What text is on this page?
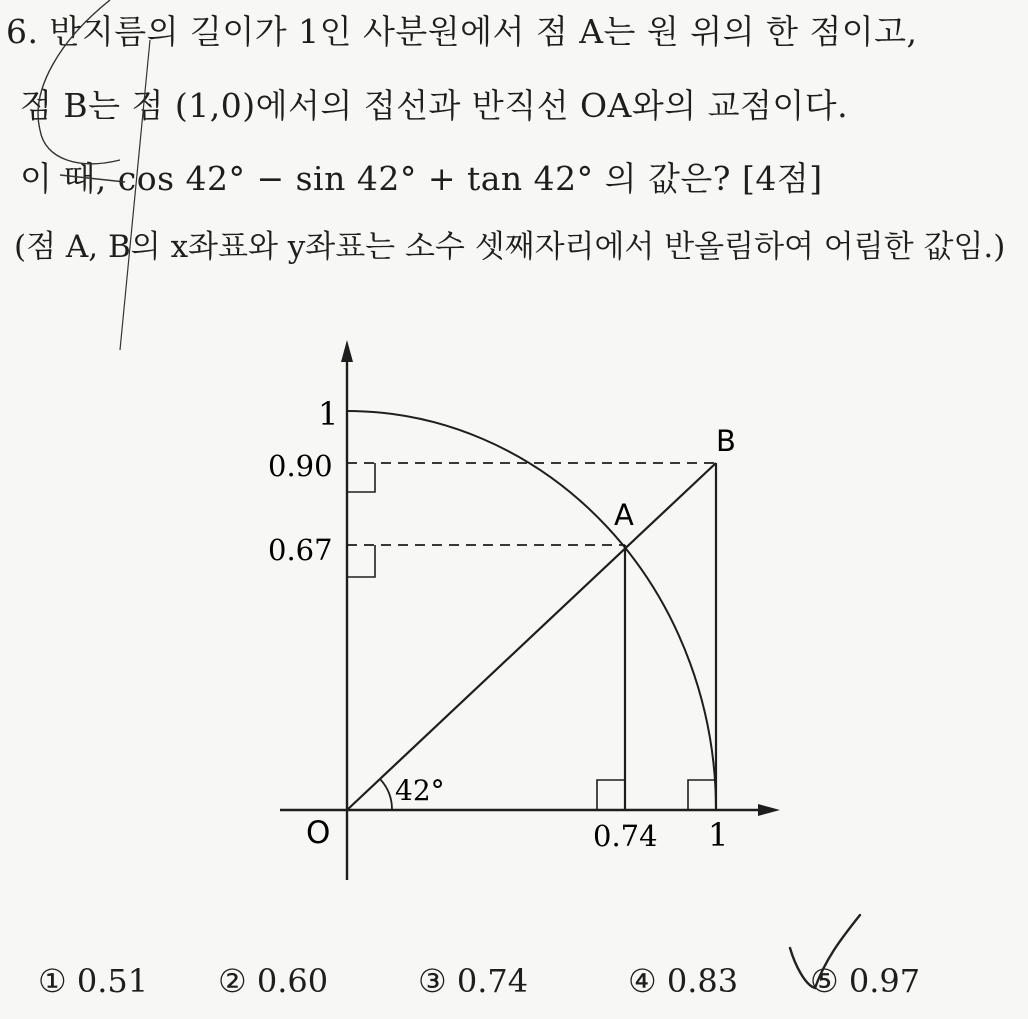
6. 반지름의 길이가 1인 사분원에서 점 A는 원 위의 한 점이고,
점 B는 점 (1,0)에서의 접선과 반직선 OA와의 교점이다.
이 때, cos 42° − sin 42° + tan 42° 의 값은? [4점]
(점 A, B의 x좌표와 y좌표는 소수 셋째자리에서 반올림하여 어림한 값임.)
1
0.90
0.67
O	0.74 1
A
B
42°
① 0.51 ② 0.60	③ 0.74	④ 0.83 ⑤ 0.97
